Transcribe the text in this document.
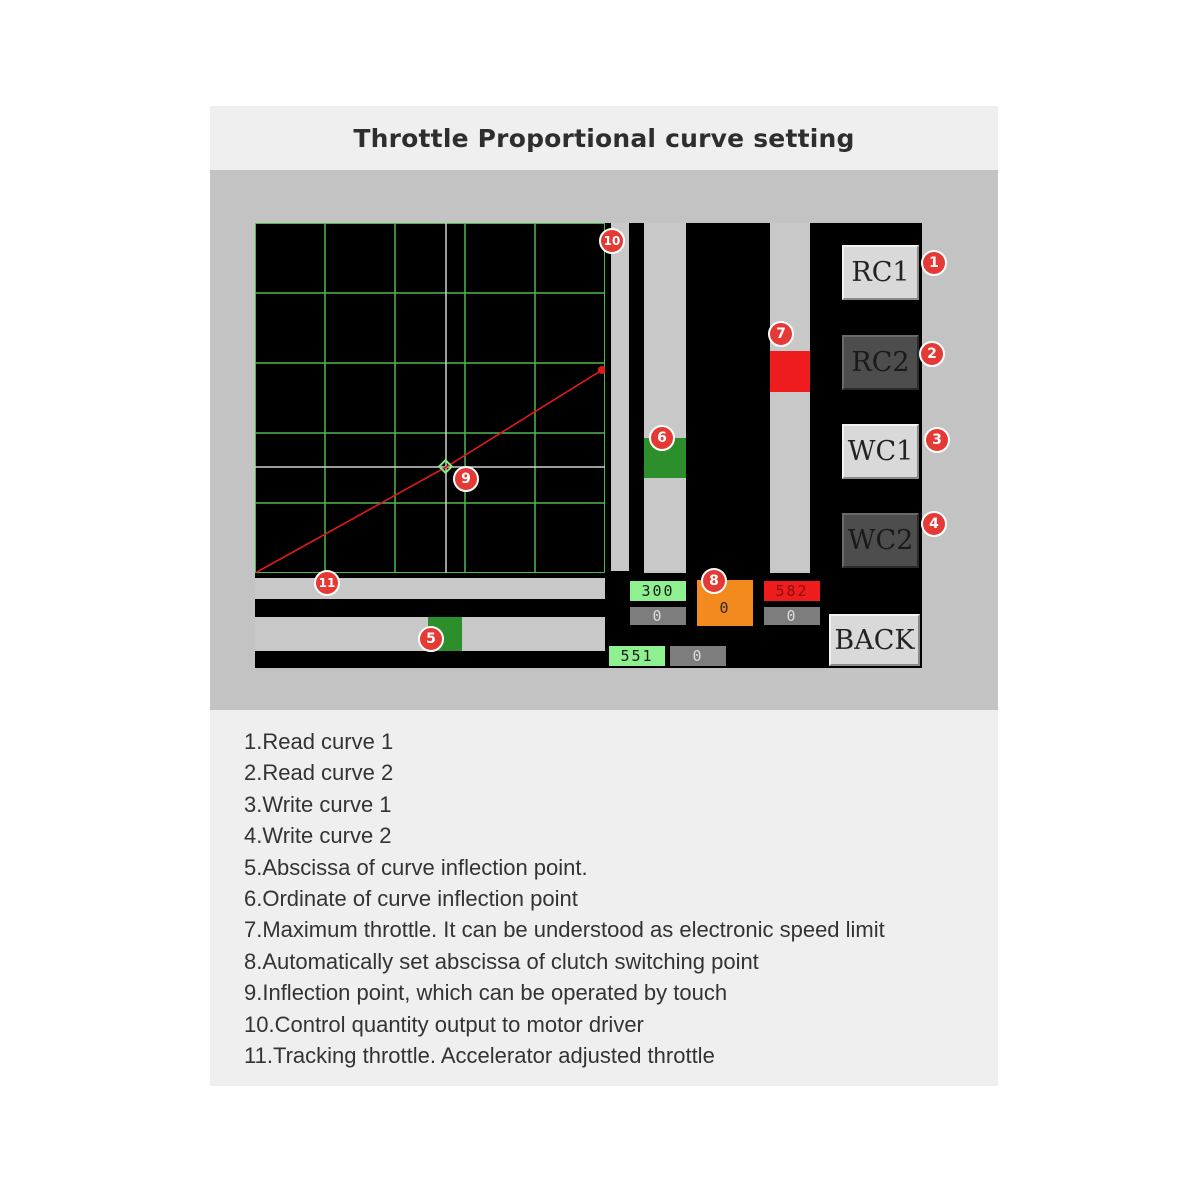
Throttle Proportional curve setting
RC1
RC2
WC1
WC2
BACK
300
0	0
582
0
551	0
1
2
3
4
5
6
7
8
9
10
11
1.Read curve 1
2.Read curve 2
3.Write curve 1
4.Write curve 2
5.Abscissa of curve inflection point.
6.Ordinate of curve inflection point
7.Maximum throttle. It can be understood as electronic speed limit
8.Automatically set abscissa of clutch switching point
9.Inflection point, which can be operated by touch
10.Control quantity output to motor driver
11.Tracking throttle. Accelerator adjusted throttle
